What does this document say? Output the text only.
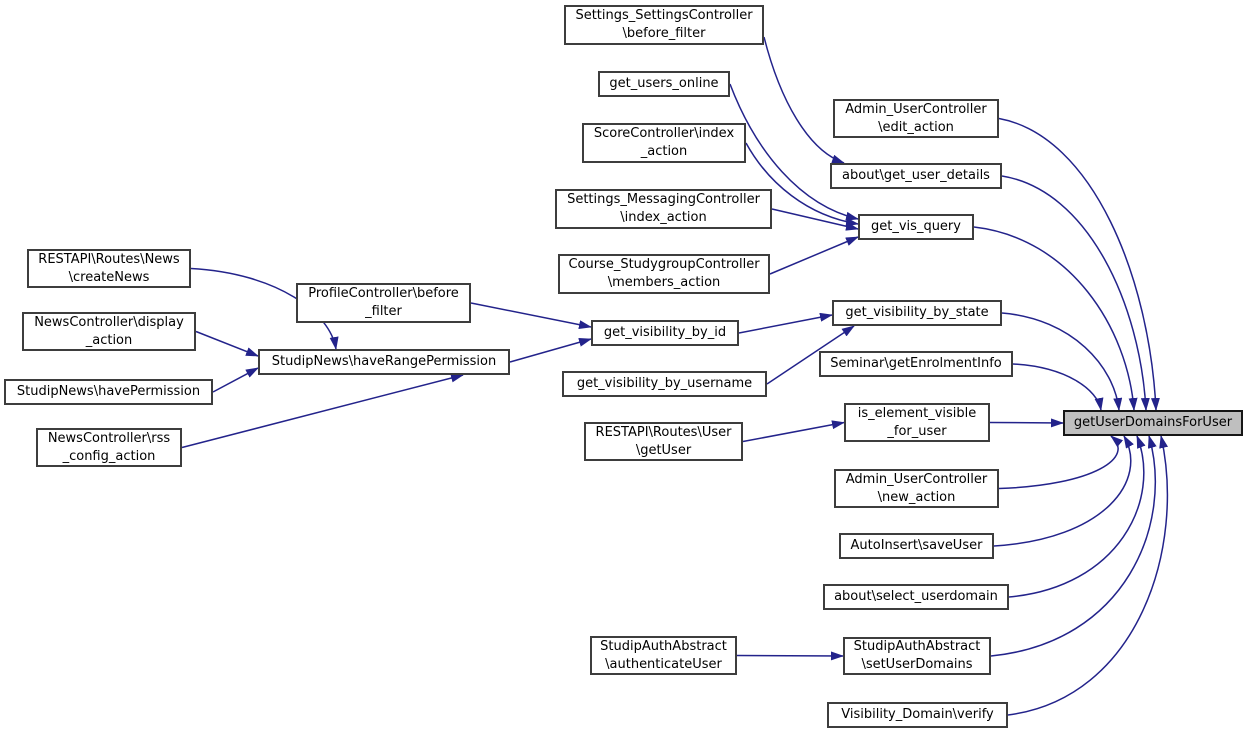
Settings_SettingsController
\before_filter
get_users_online
ScoreController\index
_action
Settings_MessagingController
\index_action
Course_StudygroupController
\members_action
Admin_UserController
\edit_action
about\get_user_details
get_vis_query
RESTAPI\Routes\News
\createNews
ProfileController\before
_filter
NewsController\display
_action
StudipNews\haveRangePermission
StudipNews\havePermission
NewsController\rss
_config_action
get_visibility_by_id
get_visibility_by_username
get_visibility_by_state
Seminar\getEnrolmentInfo
is_element_visible
_for_user
RESTAPI\Routes\User
\getUser
Admin_UserController
\new_action
AutoInsert\saveUser
about\select_userdomain
StudipAuthAbstract
\authenticateUser
StudipAuthAbstract
\setUserDomains
Visibility_Domain\verify
getUserDomainsForUser
